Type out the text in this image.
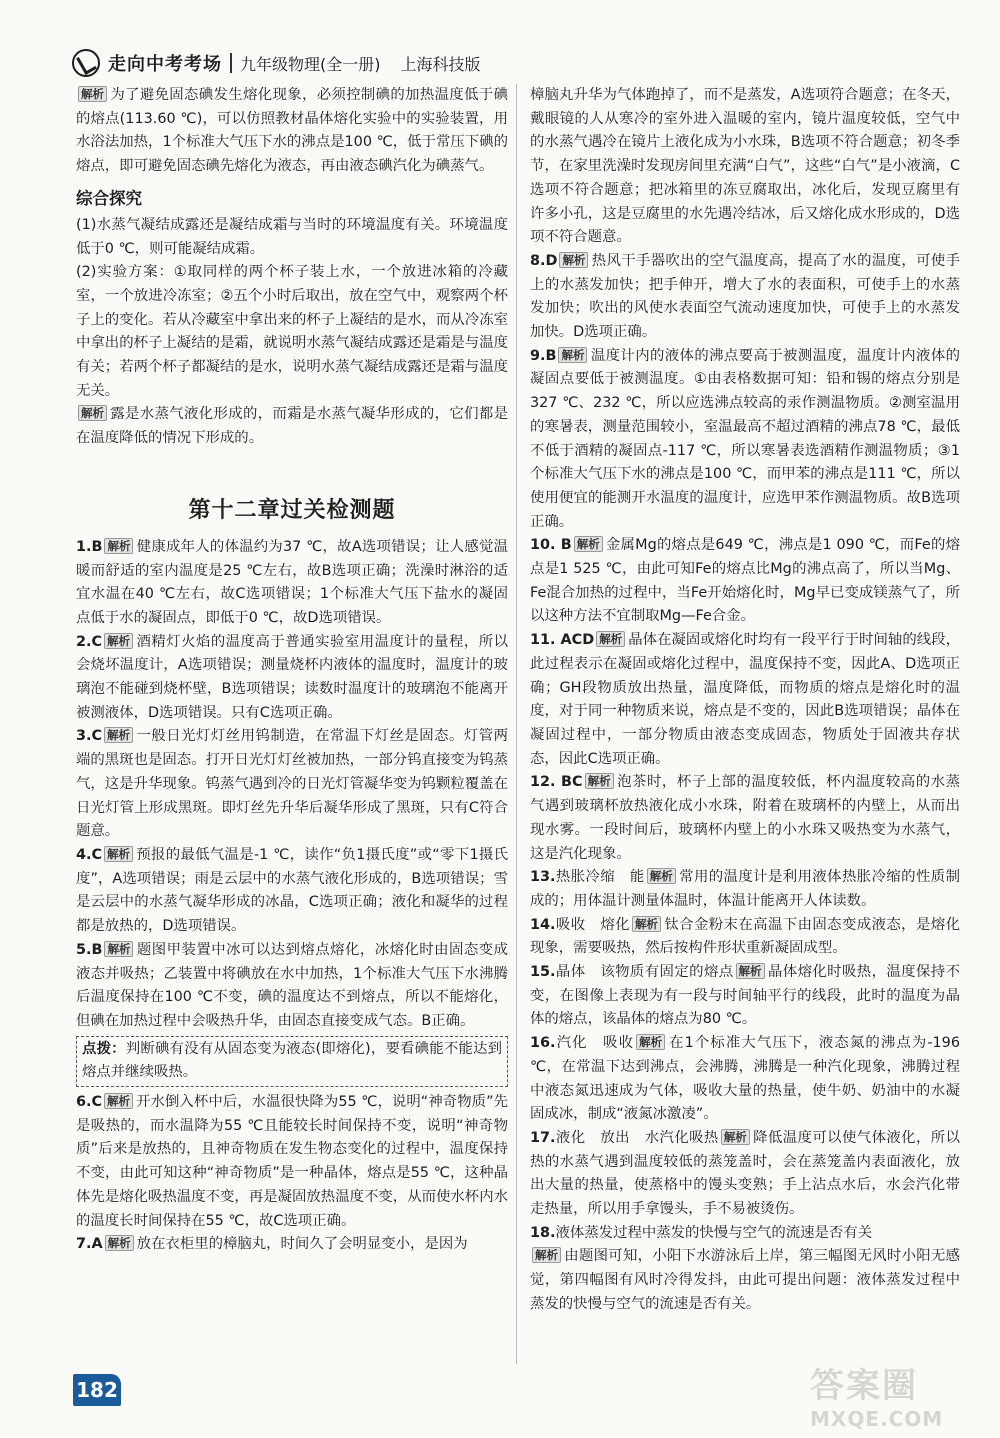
走向中考考场 九年级物理(全一册) 上海科技版

解析 为了避免固态碘发生熔化现象，必须控制碘的加热温度低于碘的熔点(113.60 ℃)，可以仿照教材晶体熔化实验中的实验装置，用水浴法加热，1个标准大气压下水的沸点是100 ℃，低于常压下碘的熔点，即可避免固态碘先熔化为液态，再由液态碘汽化为碘蒸气。

综合探究

(1)水蒸气凝结成露还是凝结成霜与当时的环境温度有关。环境温度低于0 ℃，则可能凝结成霜。

(2)实验方案：①取同样的两个杯子装上水，一个放进冰箱的冷藏室，一个放进冷冻室；②五个小时后取出，放在空气中，观察两个杯子上的变化。若从冷藏室中拿出来的杯子上凝结的是水，而从冷冻室中拿出的杯子上凝结的是霜，就说明水蒸气凝结成露还是霜是与温度有关；若两个杯子都凝结的是水，说明水蒸气凝结成露还是霜与温度无关。

解析 露是水蒸气液化形成的，而霜是水蒸气凝华形成的，它们都是在温度降低的情况下形成的。

第十二章过关检测题

1.B 解析 健康成年人的体温约为37 ℃，故A选项错误；让人感觉温暖而舒适的室内温度是25 ℃左右，故B选项正确；洗澡时淋浴的适宜水温在40 ℃左右，故C选项错误；1个标准大气压下盐水的凝固点低于水的凝固点，即低于0 ℃，故D选项错误。

2.C 解析 酒精灯火焰的温度高于普通实验室用温度计的量程，所以会烧坏温度计，A选项错误；测量烧杯内液体的温度时，温度计的玻璃泡不能碰到烧杯壁，B选项错误；读数时温度计的玻璃泡不能离开被测液体，D选项错误。只有C选项正确。

3.C 解析 一般日光灯灯丝用钨制造，在常温下灯丝是固态。灯管两端的黑斑也是固态。打开日光灯灯丝被加热，一部分钨直接变为钨蒸气，这是升华现象。钨蒸气遇到冷的日光灯管凝华变为钨颗粒覆盖在日光灯管上形成黑斑。即灯丝先升华后凝华形成了黑斑，只有C符合题意。

4.C 解析 预报的最低气温是-1 ℃，读作“负1摄氏度”或“零下1摄氏度”，A选项错误；雨是云层中的水蒸气液化形成的，B选项错误；雪是云层中的水蒸气凝华形成的冰晶，C选项正确；液化和凝华的过程都是放热的，D选项错误。

5.B 解析 题图甲装置中冰可以达到熔点熔化，冰熔化时由固态变成液态并吸热；乙装置中将碘放在水中加热，1个标准大气压下水沸腾后温度保持在100 ℃不变，碘的温度达不到熔点，所以不能熔化，但碘在加热过程中会吸热升华，由固态直接变成气态。B正确。

点拨：判断碘有没有从固态变为液态(即熔化)，要看碘能不能达到熔点并继续吸热。

6.C 解析 开水倒入杯中后，水温很快降为55 ℃，说明“神奇物质”先是吸热的，而水温降为55 ℃且能较长时间保持不变，说明“神奇物质”后来是放热的，且神奇物质在发生物态变化的过程中，温度保持不变，由此可知这种“神奇物质”是一种晶体，熔点是55 ℃，这种晶体先是熔化吸热温度不变，再是凝固放热温度不变，从而使水杯内水的温度长时间保持在55 ℃，故C选项正确。

7.A 解析 放在衣柜里的樟脑丸，时间久了会明显变小，是因为

樟脑丸升华为气体跑掉了，而不是蒸发，A选项符合题意；在冬天，戴眼镜的人从寒冷的室外进入温暖的室内，镜片温度较低，空气中的水蒸气遇冷在镜片上液化成为小水珠，B选项不符合题意；初冬季节，在家里洗澡时发现房间里充满“白气”，这些“白气”是小液滴，C选项不符合题意；把冰箱里的冻豆腐取出，冰化后，发现豆腐里有许多小孔，这是豆腐里的水先遇冷结冰，后又熔化成水形成的，D选项不符合题意。

8.D 解析 热风干手器吹出的空气温度高，提高了水的温度，可使手上的水蒸发加快；把手伸开，增大了水的表面积，可使手上的水蒸发加快；吹出的风使水表面空气流动速度加快，可使手上的水蒸发加快。D选项正确。

9.B 解析 温度计内的液体的沸点要高于被测温度，温度计内液体的凝固点要低于被测温度。①由表格数据可知：铅和锡的熔点分别是327 ℃、232 ℃，所以应选沸点较高的汞作测温物质。②测室温用的寒暑表，测量范围较小，室温最高不超过酒精的沸点78 ℃，最低不低于酒精的凝固点-117 ℃，所以寒暑表选酒精作测温物质；③1个标准大气压下水的沸点是100 ℃，而甲苯的沸点是111 ℃，所以使用便宜的能测开水温度的温度计，应选甲苯作测温物质。故B选项正确。

10. B 解析 金属Mg的熔点是649 ℃，沸点是1 090 ℃，而Fe的熔点是1 525 ℃，由此可知Fe的熔点比Mg的沸点高了，所以当Mg、Fe混合加热的过程中，当Fe开始熔化时，Mg早已变成镁蒸气了，所以这种方法不宜制取Mg—Fe合金。

11. ACD 解析 晶体在凝固或熔化时均有一段平行于时间轴的线段，此过程表示在凝固或熔化过程中，温度保持不变，因此A、D选项正确；GH段物质放出热量，温度降低，而物质的熔点是熔化时的温度，对于同一种物质来说，熔点是不变的，因此B选项错误；晶体在凝固过程中，一部分物质由液态变成固态，物质处于固液共存状态，因此C选项正确。

12. BC 解析 泡茶时，杯子上部的温度较低，杯内温度较高的水蒸气遇到玻璃杯放热液化成小水珠，附着在玻璃杯的内壁上，从而出现水雾。一段时间后，玻璃杯内壁上的小水珠又吸热变为水蒸气，这是汽化现象。

13.热胀冷缩　能 解析 常用的温度计是利用液体热胀冷缩的性质制成的；用体温计测量体温时，体温计能离开人体读数。

14.吸收　熔化 解析 钛合金粉末在高温下由固态变成液态，是熔化现象，需要吸热，然后按构件形状重新凝固成型。

15.晶体　该物质有固定的熔点 解析 晶体熔化时吸热，温度保持不变，在图像上表现为有一段与时间轴平行的线段，此时的温度为晶体的熔点，该晶体的熔点为80 ℃。

16.汽化　吸收 解析 在1个标准大气压下，液态氮的沸点为-196 ℃，在常温下达到沸点，会沸腾，沸腾是一种汽化现象，沸腾过程中液态氮迅速成为气体，吸收大量的热量，使牛奶、奶油中的水凝固成冰，制成“液氮冰激凌”。

17.液化　放出　水汽化吸热 解析 降低温度可以使气体液化，所以热的水蒸气遇到温度较低的蒸笼盖时，会在蒸笼盖内表面液化，放出大量的热量，使蒸格中的馒头变熟；手上沾点水后，水会汽化带走热量，所以用手拿馒头，手不易被烫伤。

18.液体蒸发过程中蒸发的快慢与空气的流速是否有关

解析 由题图可知，小阳下水游泳后上岸，第三幅图无风时小阳无感觉，第四幅图有风时冷得发抖，由此可提出问题：液体蒸发过程中蒸发的快慢与空气的流速是否有关。

182	答案圈
MXQE.COM
